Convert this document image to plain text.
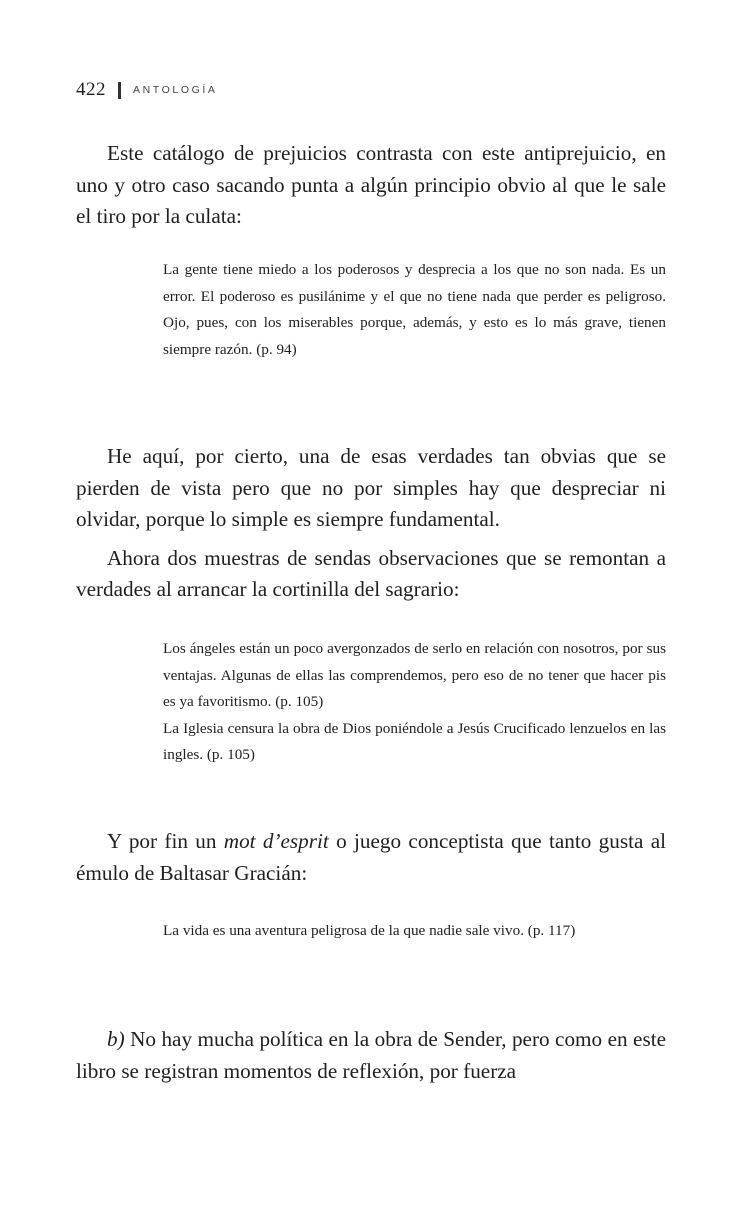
422	ANTOLOGÍA

Este catálogo de prejuicios contrasta con este antiprejuicio, en uno y otro caso sacando punta a algún principio obvio al que le sale el tiro por la culata:

La gente tiene miedo a los poderosos y desprecia a los que no son nada. Es un error. El poderoso es pusilánime y el que no tiene nada que perder es peligroso. Ojo, pues, con los miserables porque, además, y esto es lo más grave, tienen siempre razón. (p. 94)

He aquí, por cierto, una de esas verdades tan obvias que se pierden de vista pero que no por simples hay que despreciar ni olvidar, porque lo simple es siempre fundamental.

Ahora dos muestras de sendas observaciones que se remontan a verdades al arrancar la cortinilla del sagrario:

Los ángeles están un poco avergonzados de serlo en relación con nosotros, por sus ventajas. Algunas de ellas las comprendemos, pero eso de no tener que hacer pis es ya favoritismo. (p. 105)

La Iglesia censura la obra de Dios poniéndole a Jesús Crucificado lenzuelos en las ingles. (p. 105)

Y por fin un mot d’esprit o juego conceptista que tanto gusta al émulo de Baltasar Gracián:

La vida es una aventura peligrosa de la que nadie sale vivo. (p. 117)

b) No hay mucha política en la obra de Sender, pero como en este libro se registran momentos de reflexión, por fuerza
